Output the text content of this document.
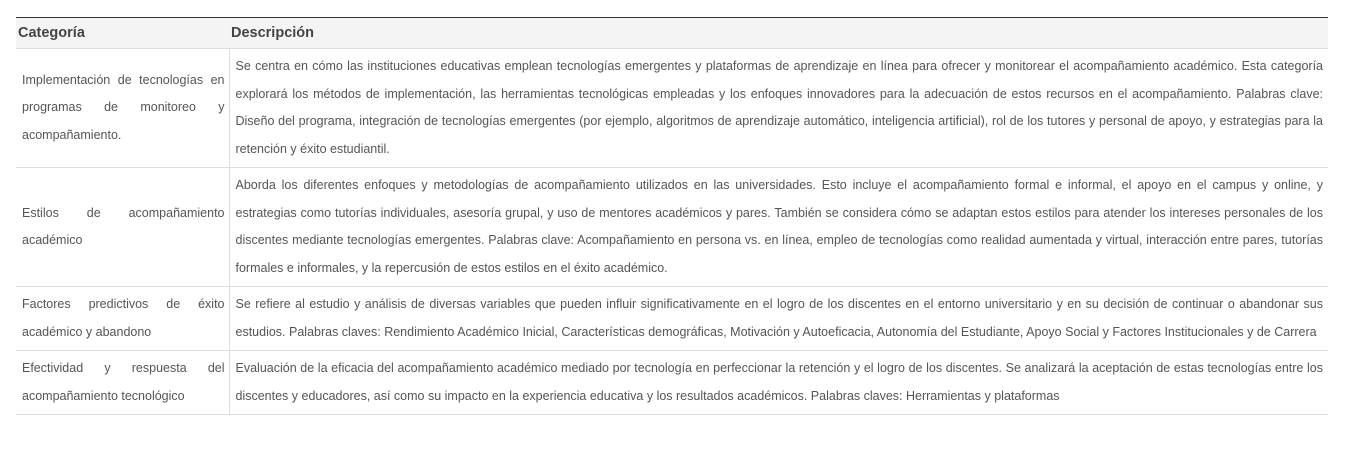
Categoría	Descripción
Implementación de tecnologías en programas de monitoreo y acompañamiento.	Se centra en cómo las instituciones educativas emplean tecnologías emergentes y plataformas de aprendizaje en línea para ofrecer y monitorear el acompañamiento académico. Esta categoría explorará los métodos de implementación, las herramientas tecnológicas empleadas y los enfoques innovadores para la adecuación de estos recursos en el acompañamiento. Palabras clave: Diseño del programa, integración de tecnologías emergentes (por ejemplo, algoritmos de aprendizaje automático, inteligencia artificial), rol de los tutores y personal de apoyo, y estrategias para la retención y éxito estudiantil.
Estilos de acompañamiento académico	Aborda los diferentes enfoques y metodologías de acompañamiento utilizados en las universidades. Esto incluye el acompañamiento formal e informal, el apoyo en el campus y online, y estrategias como tutorías individuales, asesoría grupal, y uso de mentores académicos y pares. También se considera cómo se adaptan estos estilos para atender los intereses personales de los discentes mediante tecnologías emergentes. Palabras clave: Acompañamiento en persona vs. en línea, empleo de tecnologías como realidad aumentada y virtual, interacción entre pares, tutorías formales e informales, y la repercusión de estos estilos en el éxito académico.
Factores predictivos de éxito académico y abandono	Se refiere al estudio y análisis de diversas variables que pueden influir significativamente en el logro de los discentes en el entorno universitario y en su decisión de continuar o abandonar sus estudios. Palabras claves: Rendimiento Académico Inicial, Características demográficas, Motivación y Autoeficacia, Autonomía del Estudiante, Apoyo Social y Factores Institucionales y de Carrera
Efectividad y respuesta del acompañamiento tecnológico	Evaluación de la eficacia del acompañamiento académico mediado por tecnología en perfeccionar la retención y el logro de los discentes. Se analizará la aceptación de estas tecnologías entre los discentes y educadores, así como su impacto en la experiencia educativa y los resultados académicos. Palabras claves: Herramientas y plataformas
